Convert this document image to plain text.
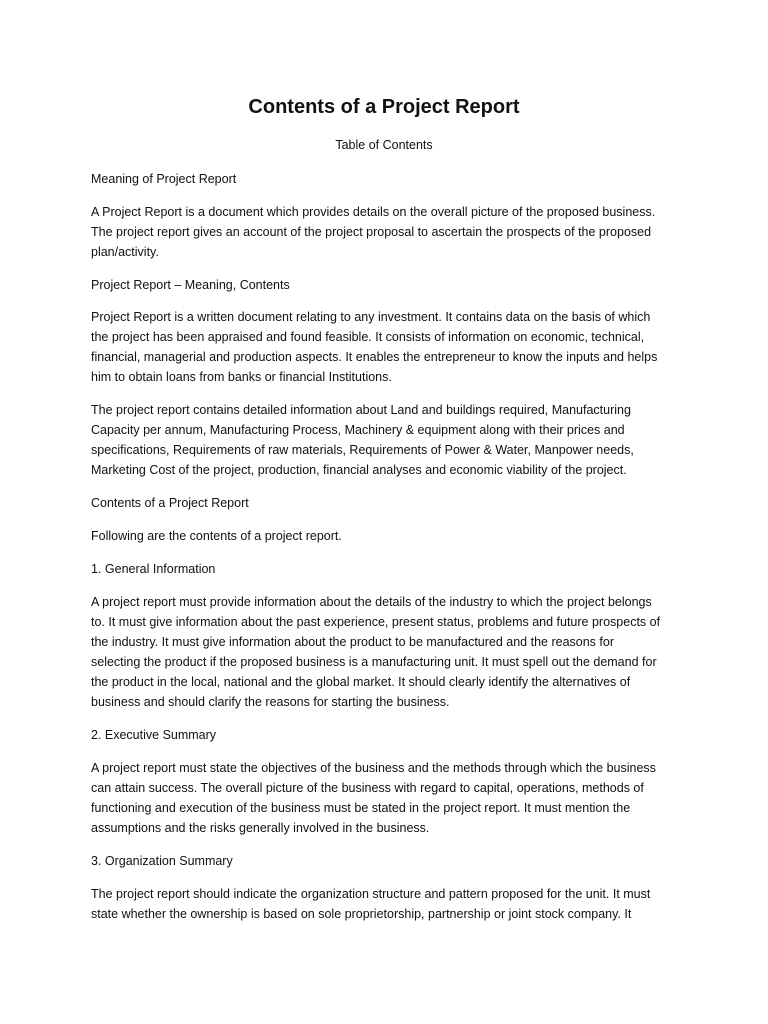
Contents of a Project Report

Table of Contents

Meaning of Project Report

A Project Report is a document which provides details on the overall picture of the proposed business.

The project report gives an account of the project proposal to ascertain the prospects of the proposed

plan/activity.

Project Report – Meaning, Contents

Project Report is a written document relating to any investment. It contains data on the basis of which

the project has been appraised and found feasible. It consists of information on economic, technical,

financial, managerial and production aspects. It enables the entrepreneur to know the inputs and helps

him to obtain loans from banks or financial Institutions.

The project report contains detailed information about Land and buildings required, Manufacturing

Capacity per annum, Manufacturing Process, Machinery & equipment along with their prices and

specifications, Requirements of raw materials, Requirements of Power & Water, Manpower needs,

Marketing Cost of the project, production, financial analyses and economic viability of the project.

Contents of a Project Report

Following are the contents of a project report.

1. General Information

A project report must provide information about the details of the industry to which the project belongs

to. It must give information about the past experience, present status, problems and future prospects of

the industry. It must give information about the product to be manufactured and the reasons for

selecting the product if the proposed business is a manufacturing unit. It must spell out the demand for

the product in the local, national and the global market. It should clearly identify the alternatives of

business and should clarify the reasons for starting the business.

2. Executive Summary

A project report must state the objectives of the business and the methods through which the business

can attain success. The overall picture of the business with regard to capital, operations, methods of

functioning and execution of the business must be stated in the project report. It must mention the

assumptions and the risks generally involved in the business.

3. Organization Summary

The project report should indicate the organization structure and pattern proposed for the unit. It must

state whether the ownership is based on sole proprietorship, partnership or joint stock company. It
